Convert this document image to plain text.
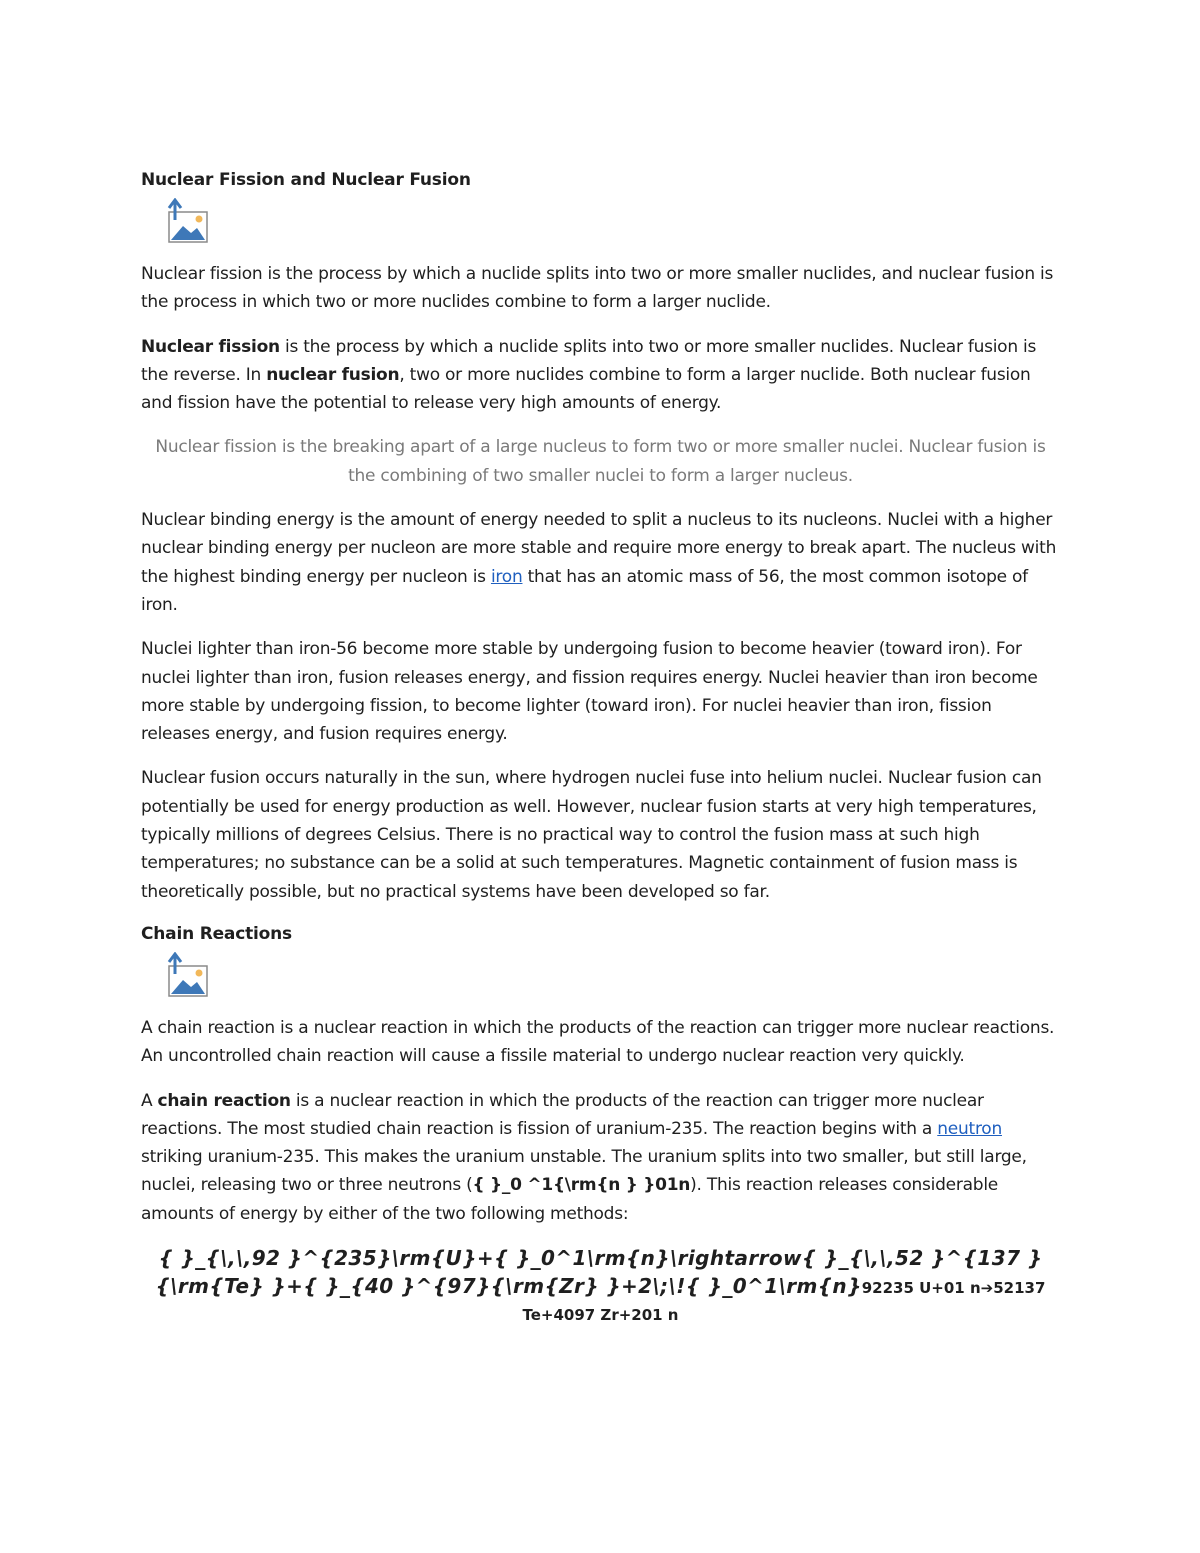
Nuclear Fission and Nuclear Fusion

Nuclear fission is the process by which a nuclide splits into two or more smaller nuclides, and nuclear fusion is the process in which two or more nuclides combine to form a larger nuclide.

Nuclear fission is the process by which a nuclide splits into two or more smaller nuclides. Nuclear fusion is the reverse. In nuclear fusion, two or more nuclides combine to form a larger nuclide. Both nuclear fusion and fission have the potential to release very high amounts of energy.

Nuclear fission is the breaking apart of a large nucleus to form two or more smaller nuclei. Nuclear fusion is the combining of two smaller nuclei to form a larger nucleus.

Nuclear binding energy is the amount of energy needed to split a nucleus to its nucleons. Nuclei with a higher nuclear binding energy per nucleon are more stable and require more energy to break apart. The nucleus with the highest binding energy per nucleon is iron that has an atomic mass of 56, the most common isotope of iron.

Nuclei lighter than iron-56 become more stable by undergoing fusion to become heavier (toward iron). For nuclei lighter than iron, fusion releases energy, and fission requires energy. Nuclei heavier than iron become more stable by undergoing fission, to become lighter (toward iron). For nuclei heavier than iron, fission releases energy, and fusion requires energy.

Nuclear fusion occurs naturally in the sun, where hydrogen nuclei fuse into helium nuclei. Nuclear fusion can potentially be used for energy production as well. However, nuclear fusion starts at very high temperatures, typically millions of degrees Celsius. There is no practical way to control the fusion mass at such high temperatures; no substance can be a solid at such temperatures. Magnetic containment of fusion mass is theoretically possible, but no practical systems have been developed so far.

Chain Reactions

A chain reaction is a nuclear reaction in which the products of the reaction can trigger more nuclear reactions. An uncontrolled chain reaction will cause a fissile material to undergo nuclear reaction very quickly.

A chain reaction is a nuclear reaction in which the products of the reaction can trigger more nuclear reactions. The most studied chain reaction is fission of uranium-235. The reaction begins with a neutron striking uranium-235. This makes the uranium unstable. The uranium splits into two smaller, but still large, nuclei, releasing two or three neutrons ({ }_0 ^1{\rm{n } }01n). This reaction releases considerable amounts of energy by either of the two following methods:

{ }_{\,\,92 }^{235}\rm{U}+{ }_0^1\rm{n}\rightarrow{ }_{\,\,52 }^{137 }{\rm{Te} }+{ }_{40 }^{97}{\rm{Zr} }+2\;\!{ }_0^1\rm{n}92235 U+01 n➔52137
Te+4097 Zr+201 n
